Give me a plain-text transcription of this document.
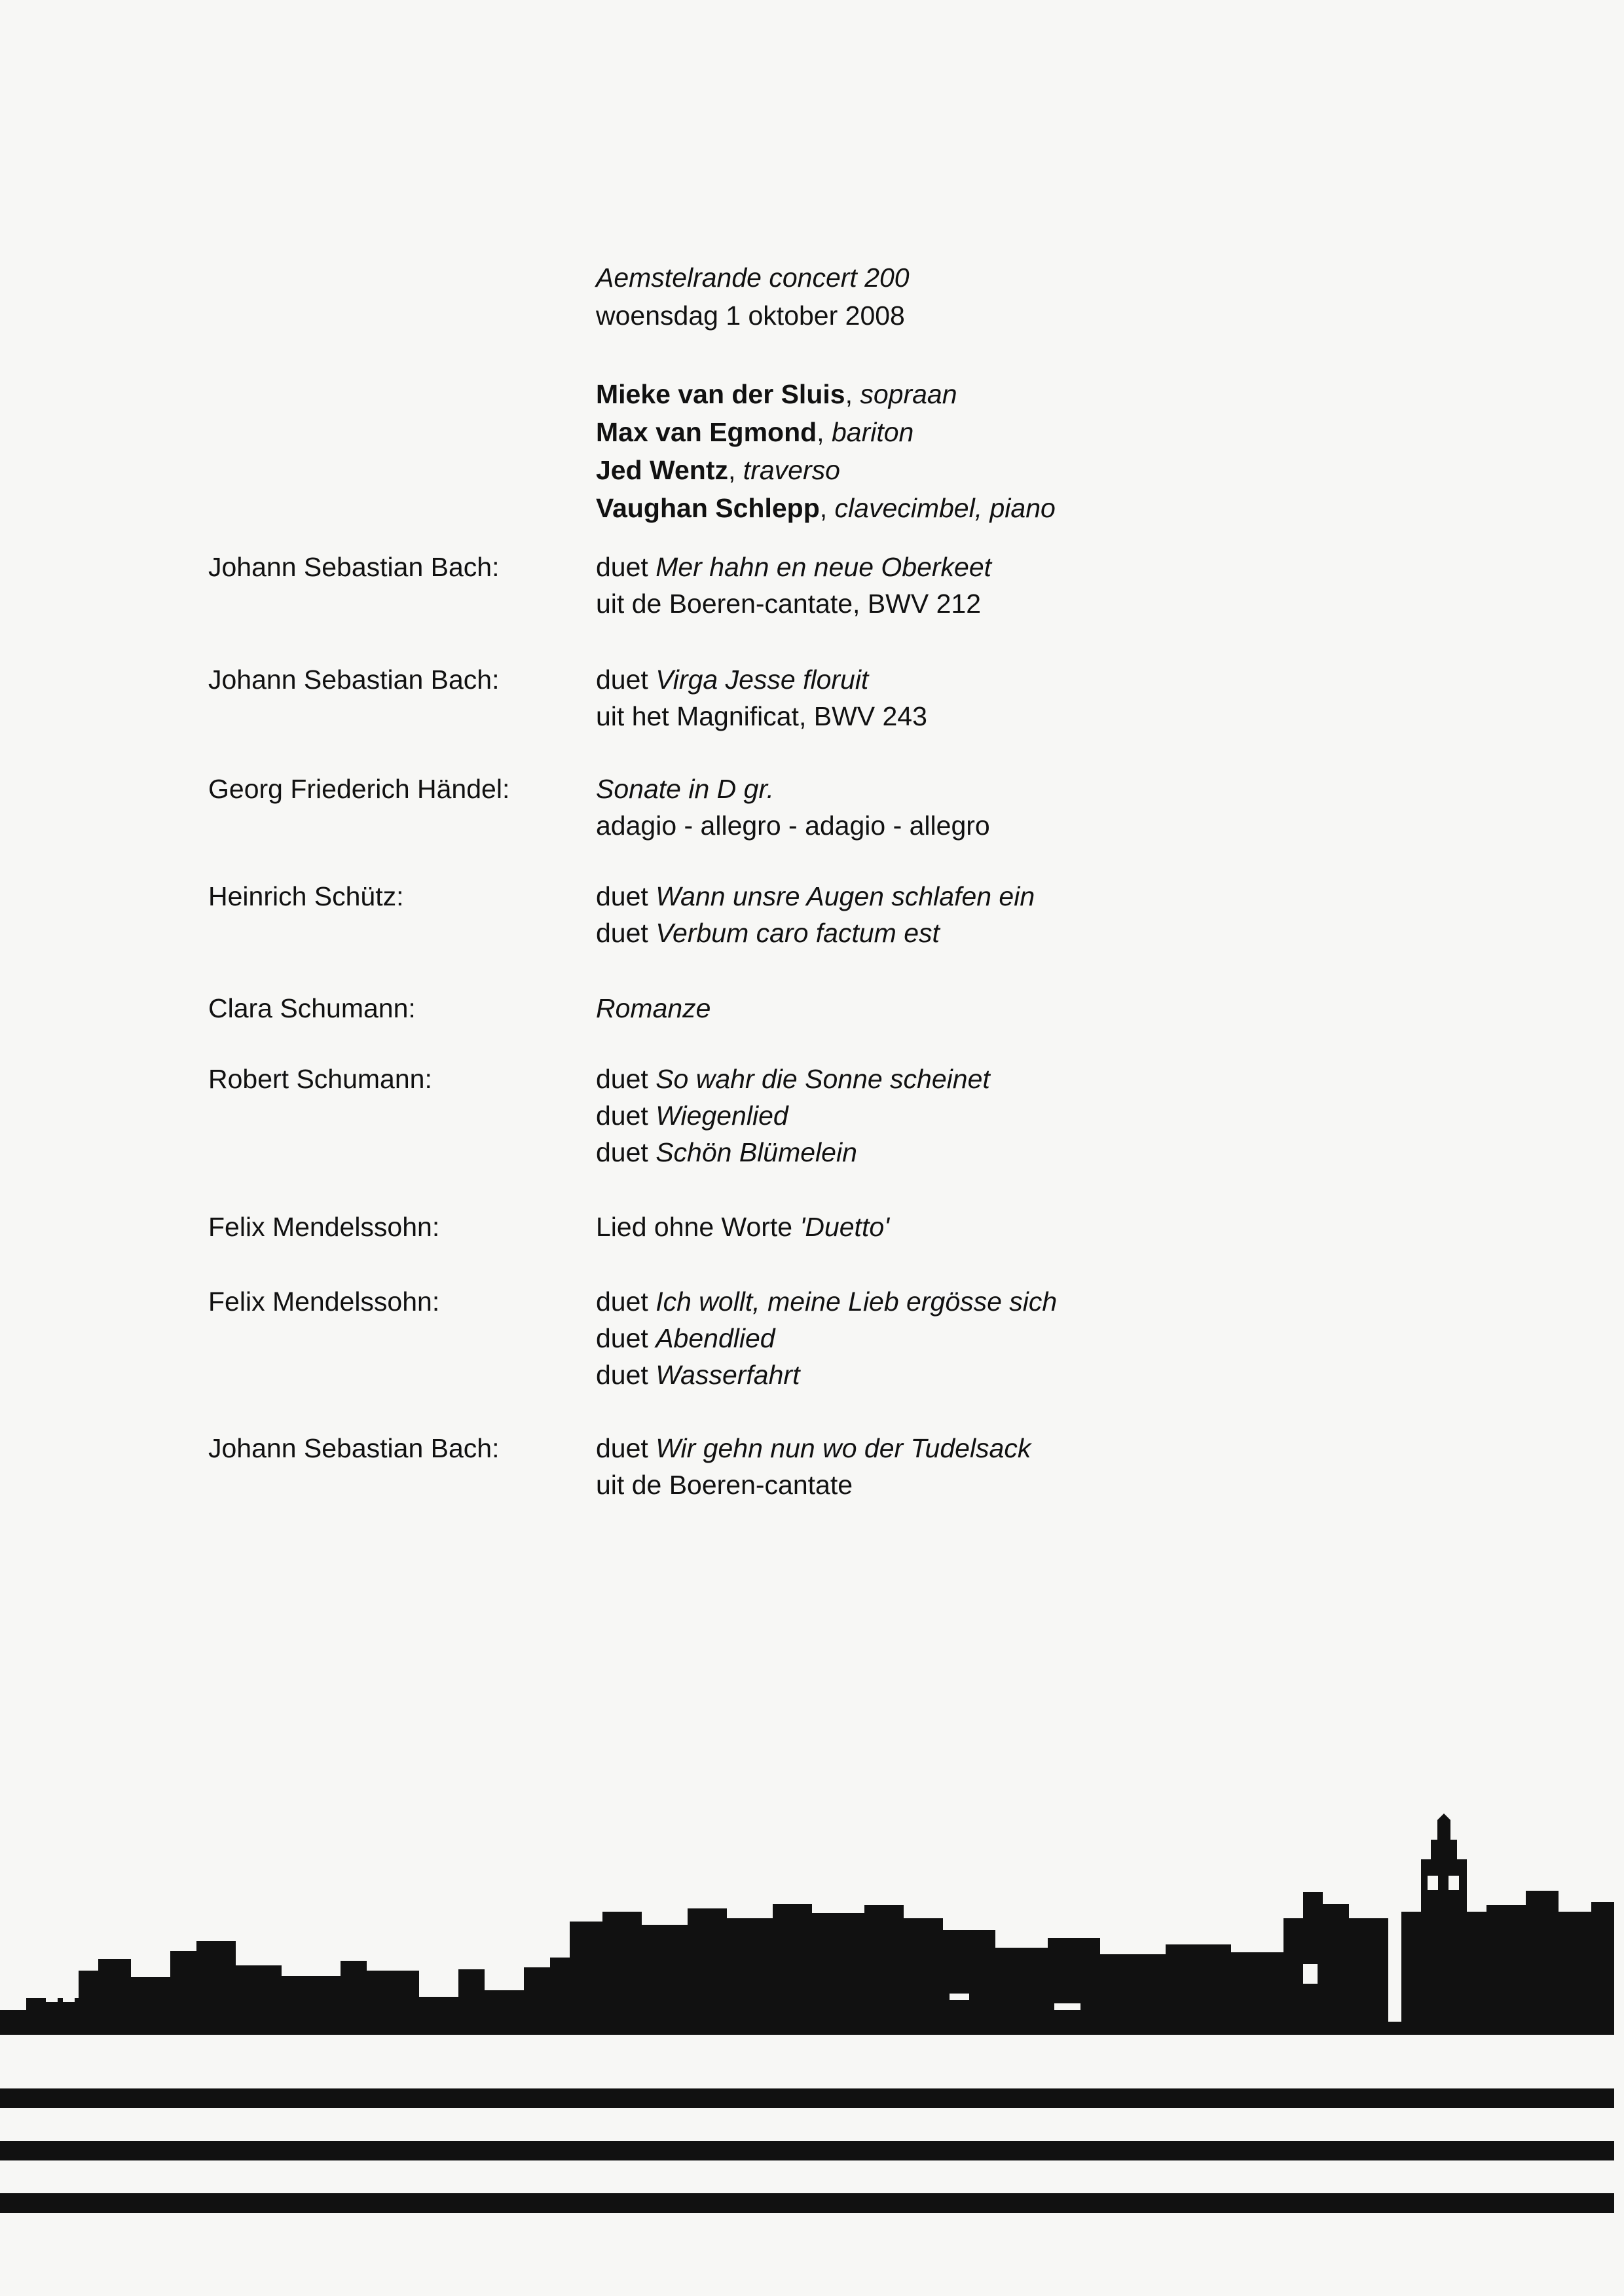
Aemstelrande concert 200
woensdag 1 oktober 2008
Mieke van der Sluis, sopraan
Max van Egmond, bariton
Jed Wentz, traverso
Vaughan Schlepp, clavecimbel, piano
Johann Sebastian Bach:	duet Mer hahn en neue Oberkeet
uit de Boeren-cantate, BWV 212
Johann Sebastian Bach:	duet Virga Jesse floruit
uit het Magnificat, BWV 243
Georg Friederich Händel:	Sonate in D gr.
adagio - allegro - adagio - allegro
Heinrich Schütz:	duet Wann unsre Augen schlafen ein
duet Verbum caro factum est
Clara Schumann:	Romanze
Robert Schumann:	duet So wahr die Sonne scheinet
duet Wiegenlied
duet Schön Blümelein
Felix Mendelssohn:	Lied ohne Worte 'Duetto'
Felix Mendelssohn:	duet Ich wollt, meine Lieb ergösse sich
duet Abendlied
duet Wasserfahrt
Johann Sebastian Bach:	duet Wir gehn nun wo der Tudelsack
uit de Boeren-cantate
